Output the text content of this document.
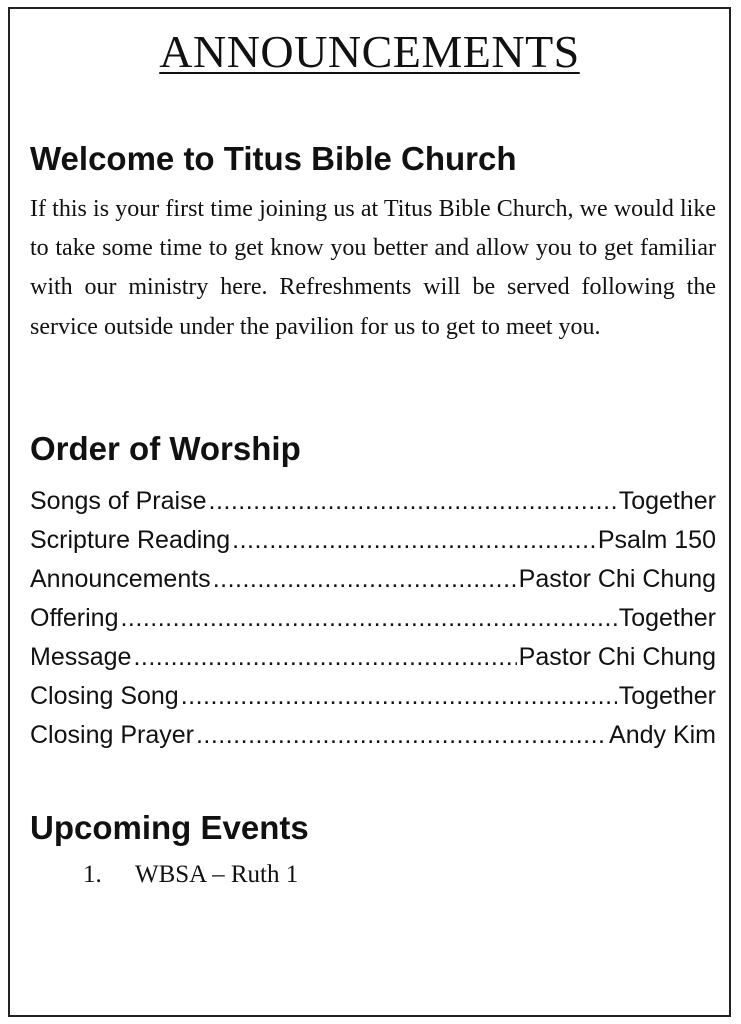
ANNOUNCEMENTS
Welcome to Titus Bible Church

If this is your first time joining us at Titus Bible Church, we would like to take some time to get know you better and allow you to get familiar with our ministry here. Refreshments will be served following the service outside under the pavilion for us to get to meet you.

Order of Worship
Songs of Praise .....	Together
Scripture Reading .....	Psalm 150
Announcements .....	Pastor Chi Chung
Offering .....	Together
Message .....	Pastor Chi Chung
Closing Song .....	Together
Closing Prayer .....	Andy Kim
Upcoming Events
1. WBSA – Ruth 1
